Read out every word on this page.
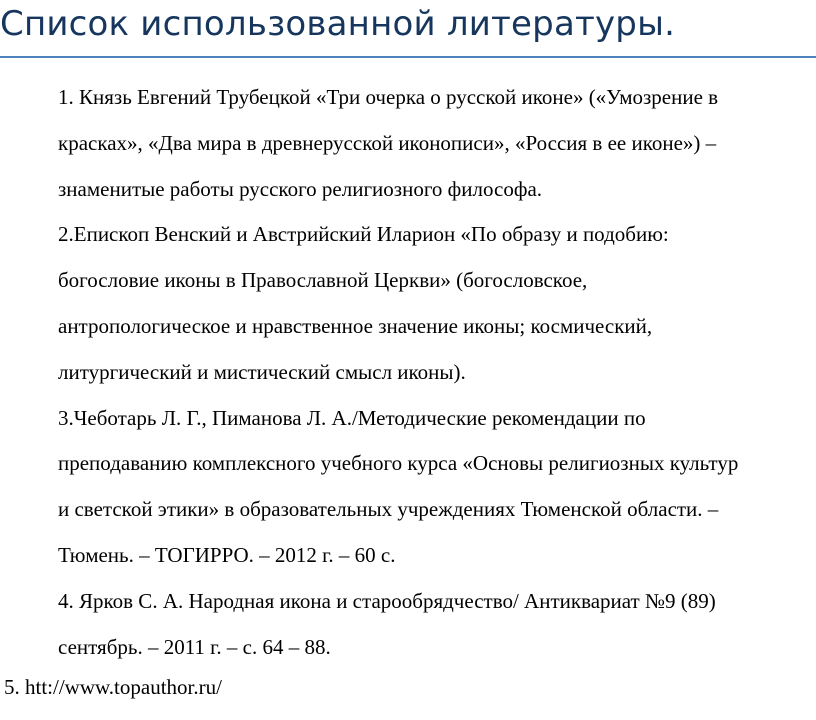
Список использованной литературы.
1. Князь Евгений Трубецкой «Три очерка о русской иконе» («Умозрение в
красках», «Два мира в древнерусской иконописи», «Россия в ее иконе») –
знаменитые работы русского религиозного философа.
2.Епископ Венский и Австрийский Иларион «По образу и подобию:
богословие иконы в Православной Церкви» (богословское,
антропологическое и нравственное значение иконы; космический,
литургический и мистический смысл иконы).
3.Чеботарь Л. Г., Пиманова Л. А./Методические рекомендации по
преподаванию комплексного учебного курса «Основы религиозных культур
и светской этики» в образовательных учреждениях Тюменской области. –
Тюмень. – ТОГИРРО. – 2012 г. – 60 с.
4. Ярков С. А. Народная икона и старообрядчество/ Антиквариат №9 (89)
сентябрь. – 2011 г. – с. 64 – 88.
5. htt://www.topauthor.ru/
